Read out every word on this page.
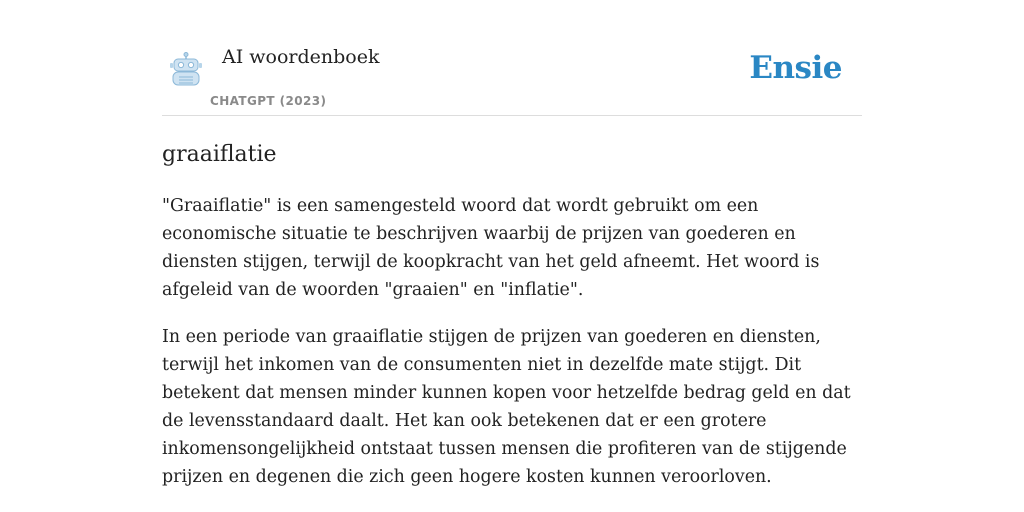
AI woordenboek
CHATGPT (2023)
Ensie
graaiflatie

"Graaiflatie" is een samengesteld woord dat wordt gebruikt om een economische situatie te beschrijven waarbij de prijzen van goederen en diensten stijgen, terwijl de koopkracht van het geld afneemt. Het woord is afgeleid van de woorden "graaien" en "inflatie".

In een periode van graaiflatie stijgen de prijzen van goederen en diensten, terwijl het inkomen van de consumenten niet in dezelfde mate stijgt. Dit betekent dat mensen minder kunnen kopen voor hetzelfde bedrag geld en dat de levensstandaard daalt. Het kan ook betekenen dat er een grotere inkomensongelijkheid ontstaat tussen mensen die profiteren van de stijgende prijzen en degenen die zich geen hogere kosten kunnen veroorloven.
